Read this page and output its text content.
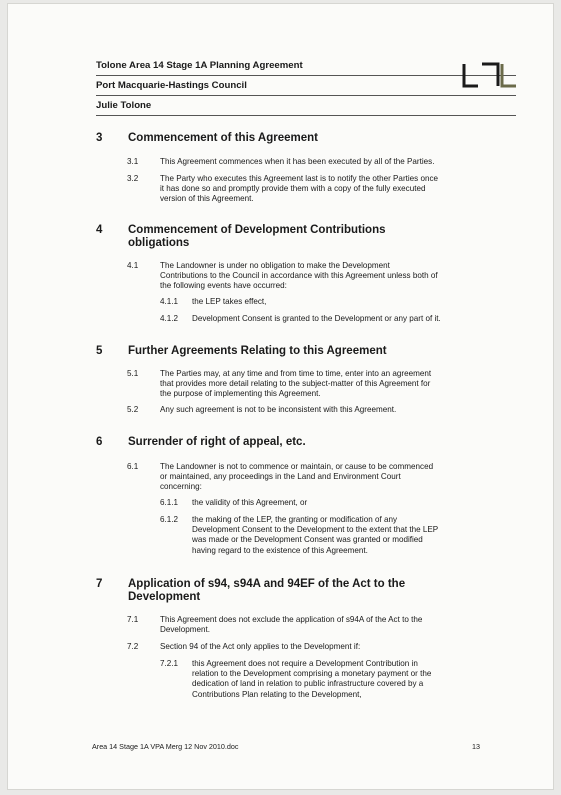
Tolone Area 14 Stage 1A Planning Agreement
Port Macquarie-Hastings Council
Julie Tolone
3 Commencement of this Agreement
3.1	This Agreement commences when it has been executed by all of the Parties.
3.2	The Party who executes this Agreement last is to notify the other Parties once
it has done so and promptly provide them with a copy of the fully executed
version of this Agreement.
4 Commencement of Development Contributions
obligations
4.1	The Landowner is under no obligation to make the Development
Contributions to the Council in accordance with this Agreement unless both of
the following events have occurred:
4.1.1 the LEP takes effect,
4.1.2 Development Consent is granted to the Development or any part of it.
5 Further Agreements Relating to this Agreement
5.1	The Parties may, at any time and from time to time, enter into an agreement
that provides more detail relating to the subject-matter of this Agreement for
the purpose of implementing this Agreement.
5.2	Any such agreement is not to be inconsistent with this Agreement.
6 Surrender of right of appeal, etc.
6.1	The Landowner is not to commence or maintain, or cause to be commenced
or maintained, any proceedings in the Land and Environment Court
concerning:
6.1.1 the validity of this Agreement, or
6.1.2 the making of the LEP, the granting or modification of any
Development Consent to the Development to the extent that the LEP
was made or the Development Consent was granted or modified
having regard to the existence of this Agreement.
7 Application of s94, s94A and 94EF of the Act to the
Development
7.1	This Agreement does not exclude the application of s94A of the Act to the
Development.
7.2	Section 94 of the Act only applies to the Development if:
7.2.1 this Agreement does not require a Development Contribution in
relation to the Development comprising a monetary payment or the
dedication of land in relation to public infrastructure covered by a
Contributions Plan relating to the Development,
Area 14 Stage 1A VPA Merg 12 Nov 2010.doc	13
